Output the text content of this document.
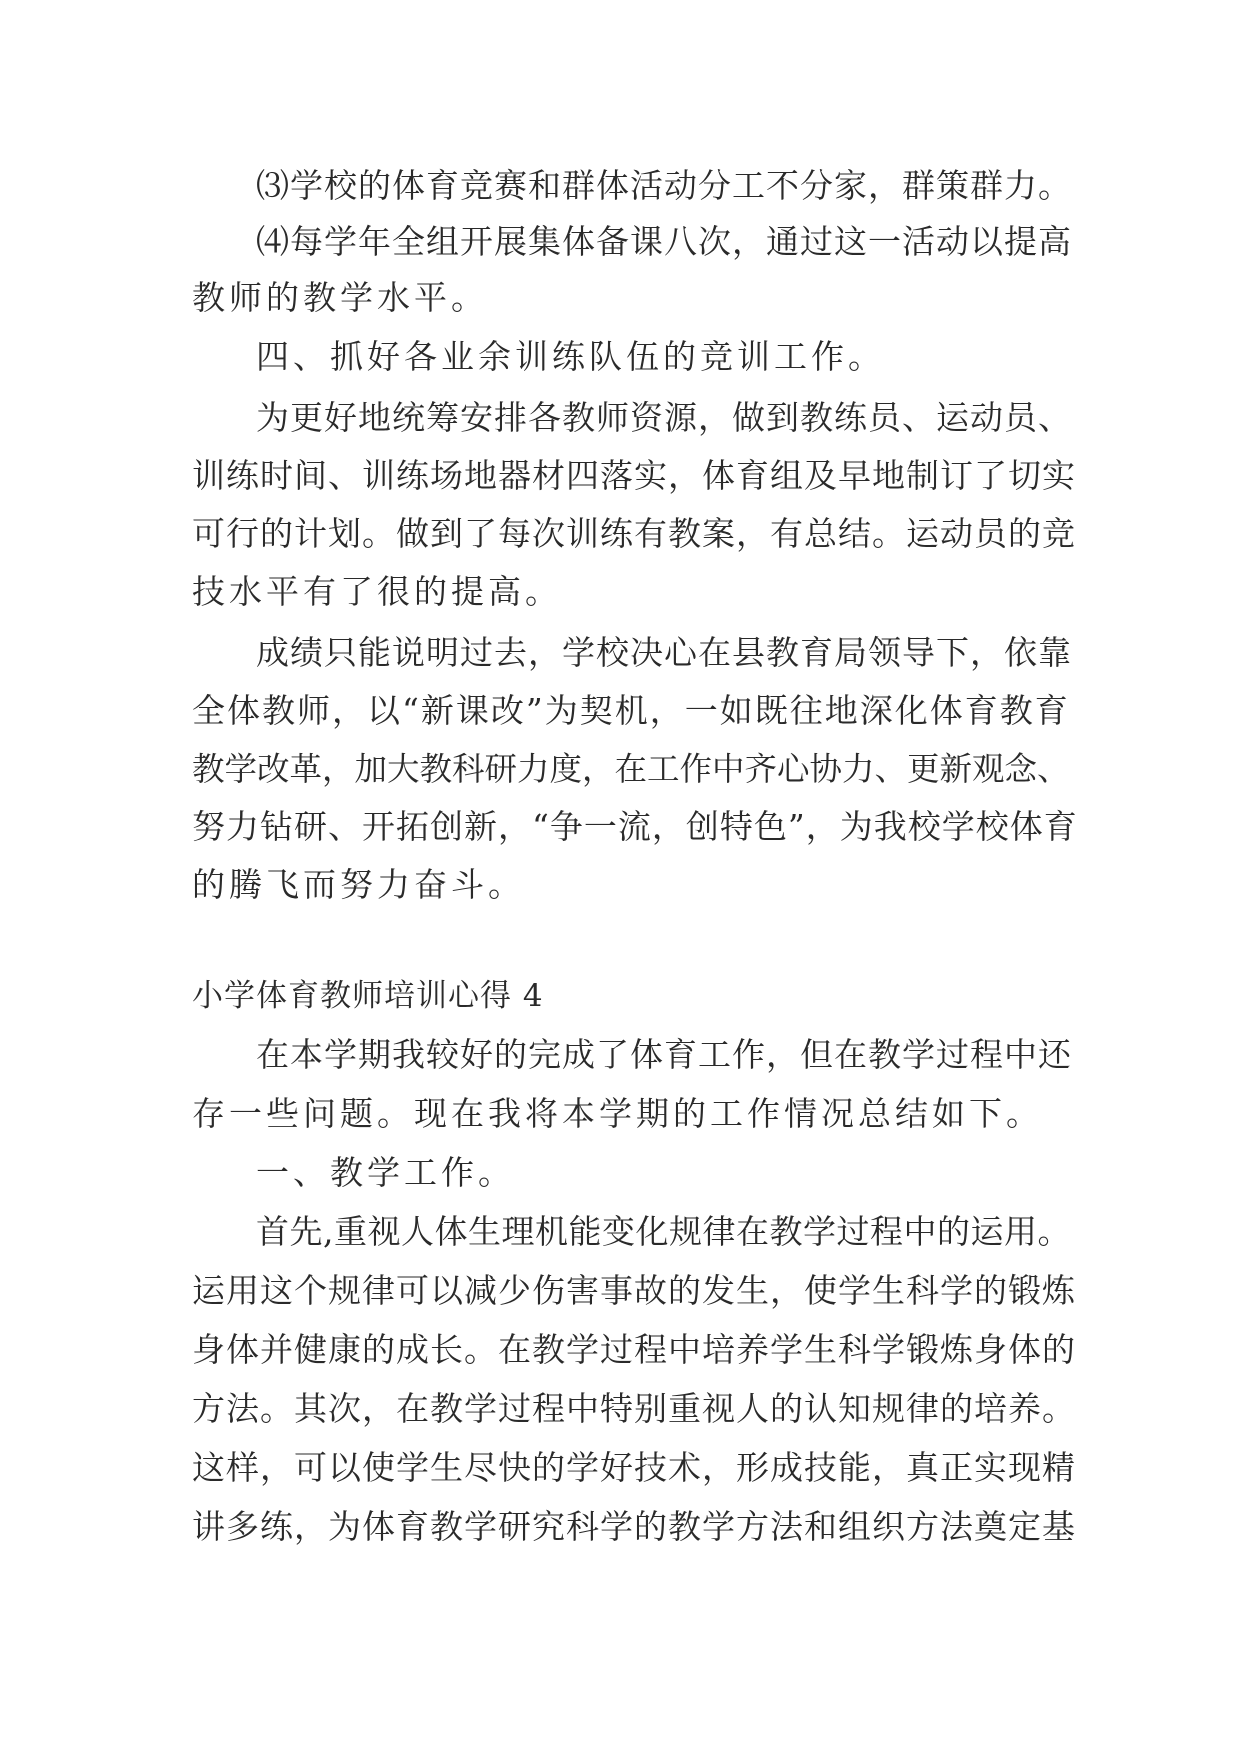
⑶学校的体育竞赛和群体活动分工不分家，群策群力。
⑷每学年全组开展集体备课八次，通过这一活动以提高
教师的教学水平。
四、抓好各业余训练队伍的竞训工作。
为更好地统筹安排各教师资源，做到教练员、运动员、
训练时间、训练场地器材四落实，体育组及早地制订了切实
可行的计划。做到了每次训练有教案，有总结。运动员的竞
技水平有了很的提高。
成绩只能说明过去，学校决心在县教育局领导下，依靠
全体教师，以“新课改”为契机，一如既往地深化体育教育
教学改革，加大教科研力度，在工作中齐心协力、更新观念、
努力钻研、开拓创新，“争一流，创特色”，为我校学校体育
的腾飞而努力奋斗。
小学体育教师培训心得 4
在本学期我较好的完成了体育工作，但在教学过程中还
存一些问题。现在我将本学期的工作情况总结如下。
一、教学工作。
首先,重视人体生理机能变化规律在教学过程中的运用。
运用这个规律可以减少伤害事故的发生，使学生科学的锻炼
身体并健康的成长。在教学过程中培养学生科学锻炼身体的
方法。其次，在教学过程中特别重视人的认知规律的培养。
这样，可以使学生尽快的学好技术，形成技能，真正实现精
讲多练，为体育教学研究科学的教学方法和组织方法奠定基
